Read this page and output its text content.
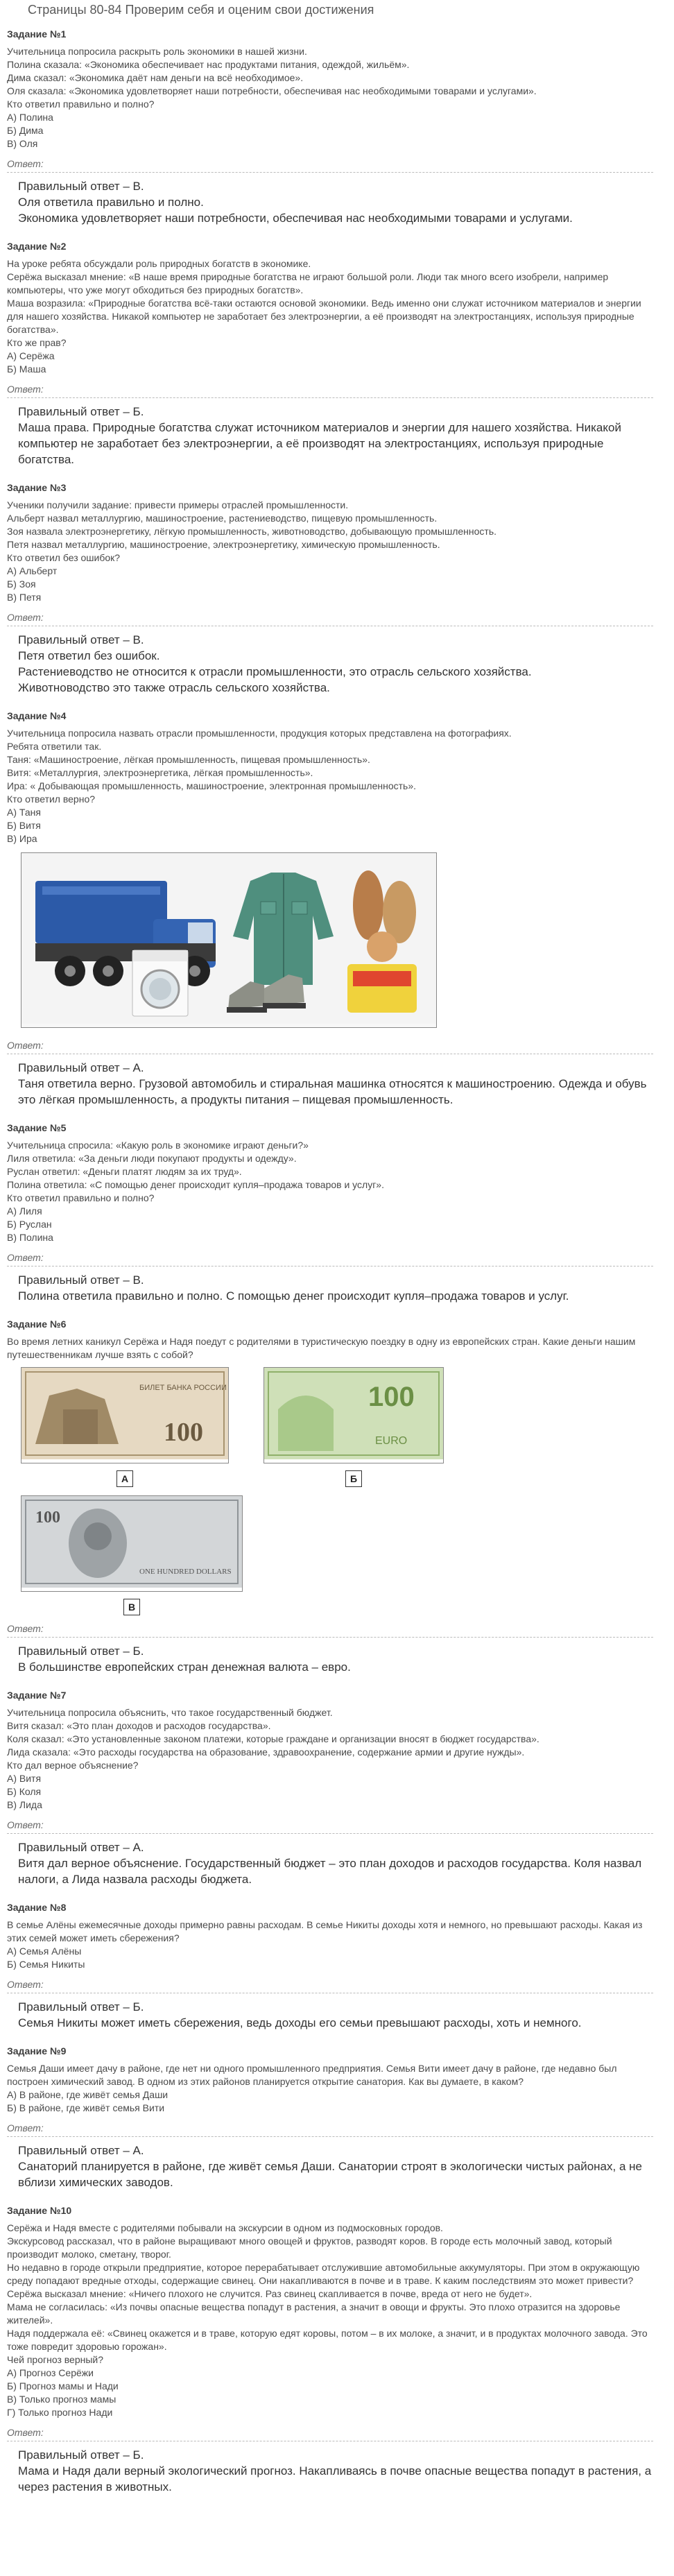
Страницы 80-84 Проверим себя и оценим свои достижения
Задание №1

Учительница попросила раскрыть роль экономики в нашей жизни.

Полина сказала: «Экономика обеспечивает нас продуктами питания, одеждой, жильём».

Дима сказал: «Экономика даёт нам деньги на всё необходимое».

Оля сказала: «Экономика удовлетворяет наши потребности, обеспечивая нас необходимыми товарами и услугами».

Кто ответил правильно и полно?

А) Полина

Б) Дима

В) Оля

Ответ:

Правильный ответ – В.

Оля ответила правильно и полно.

Экономика удовлетворяет наши потребности, обеспечивая нас необходимыми товарами и услугами.

Задание №2

На уроке ребята обсуждали роль природных богатств в экономике.

Серёжа высказал мнение: «В наше время природные богатства не играют большой роли. Люди так много всего изобрели, например компьютеры, что уже могут обходиться без природных богатств».

Маша возразила: «Природные богатства всё-таки остаются основой экономики. Ведь именно они служат источником материалов и энергии для нашего хозяйства. Никакой компьютер не заработает без электроэнергии, а её производят на электростанциях, используя природные богатства».

Кто же прав?

А) Серёжа

Б) Маша

Ответ:

Правильный ответ – Б.

Маша права. Природные богатства служат источником материалов и энергии для нашего хозяйства. Никакой компьютер не заработает без электроэнергии, а её производят на электростанциях, используя природные богатства.

Задание №3

Ученики получили задание: привести примеры отраслей промышленности.

Альберт назвал металлургию, машиностроение, растениеводство, пищевую промышленность.

Зоя назвала электроэнергетику, лёгкую промышленность, животноводство, добывающую промышленность.

Петя назвал металлургию, машиностроение, электроэнергетику, химическую промышленность.

Кто ответил без ошибок?

А) Альберт

Б) Зоя

В) Петя

Ответ:

Правильный ответ – В.

Петя ответил без ошибок.

Растениеводство не относится к отрасли промышленности, это отрасль сельского хозяйства.

Животноводство это также отрасль сельского хозяйства.

Задание №4

Учительница попросила назвать отрасли промышленности, продукция которых представлена на фотографиях.

Ребята ответили так.

Таня: «Машиностроение, лёгкая промышленность, пищевая промышленность».

Витя: «Металлургия, электроэнергетика, лёгкая промышленность».

Ира: « Добывающая промышленность, машиностроение, электронная промышленность».

Кто ответил верно?

А) Таня

Б) Витя

В) Ира

Ответ:

Правильный ответ – А.

Таня ответила верно. Грузовой автомобиль и стиральная машинка относятся к машиностроению. Одежда и обувь это лёгкая промышленность, а продукты питания – пищевая промышленность.

Задание №5

Учительница спросила: «Какую роль в экономике играют деньги?»

Лиля ответила: «За деньги люди покупают продукты и одежду».

Руслан ответил: «Деньги платят людям за их труд».

Полина ответила: «С помощью денег происходит купля–продажа товаров и услуг».

Кто ответил правильно и полно?

А) Лиля

Б) Руслан

В) Полина

Ответ:

Правильный ответ – В.

Полина ответила правильно и полно. С помощью денег происходит купля–продажа товаров и услуг.

Задание №6

Во время летних каникул Серёжа и Надя поедут с родителями в туристическую поездку в одну из европейских стран. Какие деньги нашим путешественникам лучше взять с собой?

БИЛЕТ БАНКА РОССИИ
100
А
100
EURO
Б
100
ONE HUNDRED DOLLARS
В
Ответ:

Правильный ответ – Б.

В большинстве европейских стран денежная валюта – евро.

Задание №7

Учительница попросила объяснить, что такое государственный бюджет.

Витя сказал: «Это план доходов и расходов государства».

Коля сказал: «Это установленные законом платежи, которые граждане и организации вносят в бюджет государства».

Лида сказала: «Это расходы государства на образование, здравоохранение, содержание армии и другие нужды».

Кто дал верное объяснение?

А) Витя

Б) Коля

В) Лида

Ответ:

Правильный ответ – А.

Витя дал верное объяснение. Государственный бюджет – это план доходов и расходов государства. Коля назвал налоги, а Лида назвала расходы бюджета.

Задание №8

В семье Алёны ежемесячные доходы примерно равны расходам. В семье Никиты доходы хотя и немного, но превышают расходы. Какая из этих семей может иметь сбережения?

А) Семья Алёны

Б) Семья Никиты

Ответ:

Правильный ответ – Б.

Семья Никиты может иметь сбережения, ведь доходы его семьи превышают расходы, хоть и немного.

Задание №9

Семья Даши имеет дачу в районе, где нет ни одного промышленного предприятия. Семья Вити имеет дачу в районе, где недавно был построен химический завод. В одном из этих районов планируется открытие санатория. Как вы думаете, в каком?

А) В районе, где живёт семья Даши

Б) В районе, где живёт семья Вити

Ответ:

Правильный ответ – А.

Санаторий планируется в районе, где живёт семья Даши. Санатории строят в экологически чистых районах, а не вблизи химических заводов.

Задание №10

Серёжа и Надя вместе с родителями побывали на экскурсии в одном из подмосковных городов.

Экскурсовод рассказал, что в районе выращивают много овощей и фруктов, разводят коров. В городе есть молочный завод, который производит молоко, сметану, творог.

Но недавно в городе открыли предприятие, которое перерабатывает отслужившие автомобильные аккумуляторы. При этом в окружающую среду попадают вредные отходы, содержащие свинец. Они накапливаются в почве и в траве. К каким последствиям это может привести?

Серёжа высказал мнение: «Ничего плохого не случится. Раз свинец скапливается в почве, вреда от него не будет».

Мама не согласилась: «Из почвы опасные вещества попадут в растения, а значит в овощи и фрукты. Это плохо отразится на здоровье жителей».

Надя поддержала её: «Свинец окажется и в траве, которую едят коровы, потом – в их молоке, а значит, и в продуктах молочного завода. Это тоже повредит здоровью горожан».

Чей прогноз верный?

А) Прогноз Серёжи

Б) Прогноз мамы и Нади

В) Только прогноз мамы

Г) Только прогноз Нади

Ответ:

Правильный ответ – Б.

Мама и Надя дали верный экологический прогноз. Накапливаясь в почве опасные вещества попадут в растения, а через растения в животных.
